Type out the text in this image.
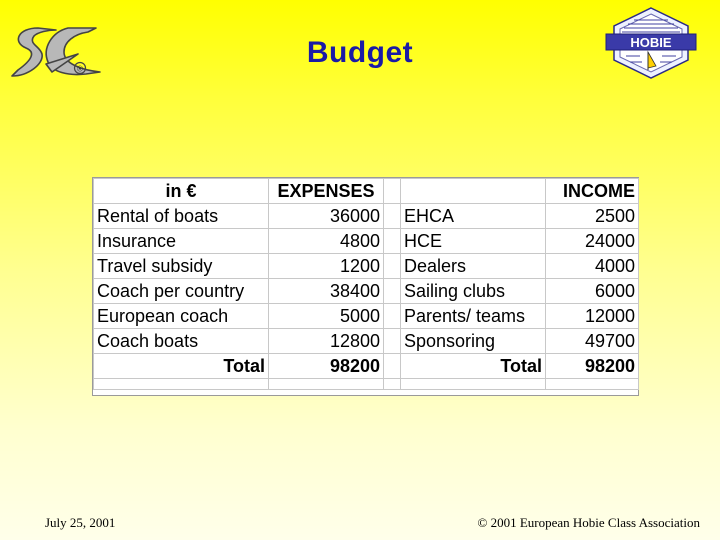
®	Budget	HOBIE
in €	EXPENSES			INCOME
Rental of boats	36000		EHCA	2500
Insurance	4800		HCE	24000
Travel subsidy	1200		Dealers	4000
Coach per country	38400		Sailing clubs	6000
European coach	5000		Parents/ teams	12000
Coach boats	12800		Sponsoring	49700
Total	98200		Total	98200

July 25, 2001	© 2001 European Hobie Class Association
